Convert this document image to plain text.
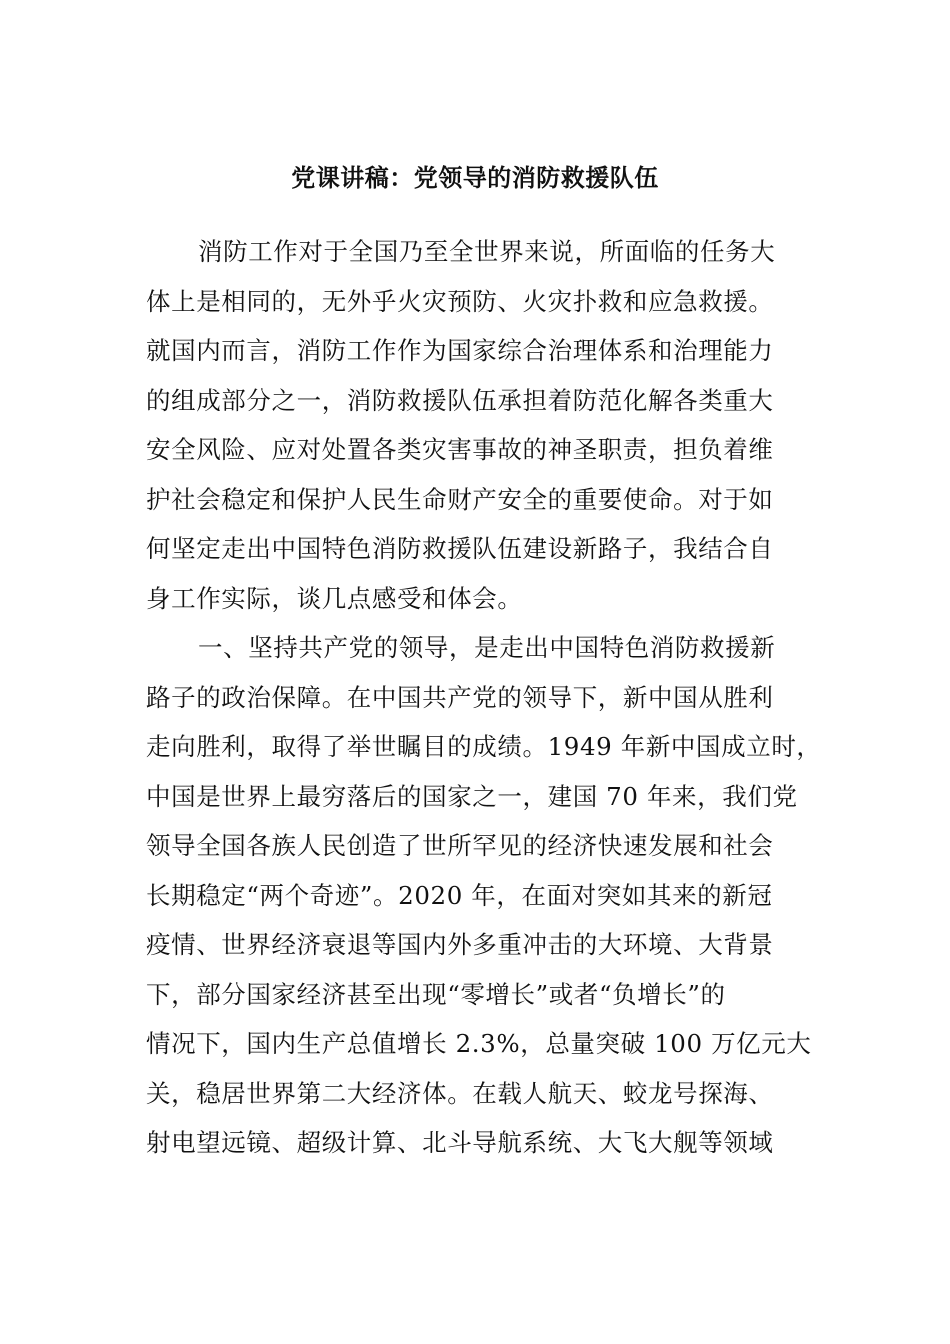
党课讲稿：党领导的消防救援队伍
消防工作对于全国乃至全世界来说，所面临的任务大
体上是相同的，无外乎火灾预防、火灾扑救和应急救援。
就国内而言，消防工作作为国家综合治理体系和治理能力
的组成部分之一，消防救援队伍承担着防范化解各类重大
安全风险、应对处置各类灾害事故的神圣职责，担负着维
护社会稳定和保护人民生命财产安全的重要使命。对于如
何坚定走出中国特色消防救援队伍建设新路子，我结合自
身工作实际，谈几点感受和体会。
一、坚持共产党的领导，是走出中国特色消防救援新
路子的政治保障。在中国共产党的领导下，新中国从胜利
走向胜利，取得了举世瞩目的成绩。1949 年新中国成立时，
中国是世界上最穷落后的国家之一，建国 70 年来，我们党
领导全国各族人民创造了世所罕见的经济快速发展和社会
长期稳定“两个奇迹”。2020 年，在面对突如其来的新冠
疫情、世界经济衰退等国内外多重冲击的大环境、大背景
下，部分国家经济甚至出现“零增长”或者“负增长”的
情况下，国内生产总值增长 2.3%，总量突破 100 万亿元大
关，稳居世界第二大经济体。在载人航天、蛟龙号探海、
射电望远镜、超级计算、北斗导航系统、大飞大舰等领域
